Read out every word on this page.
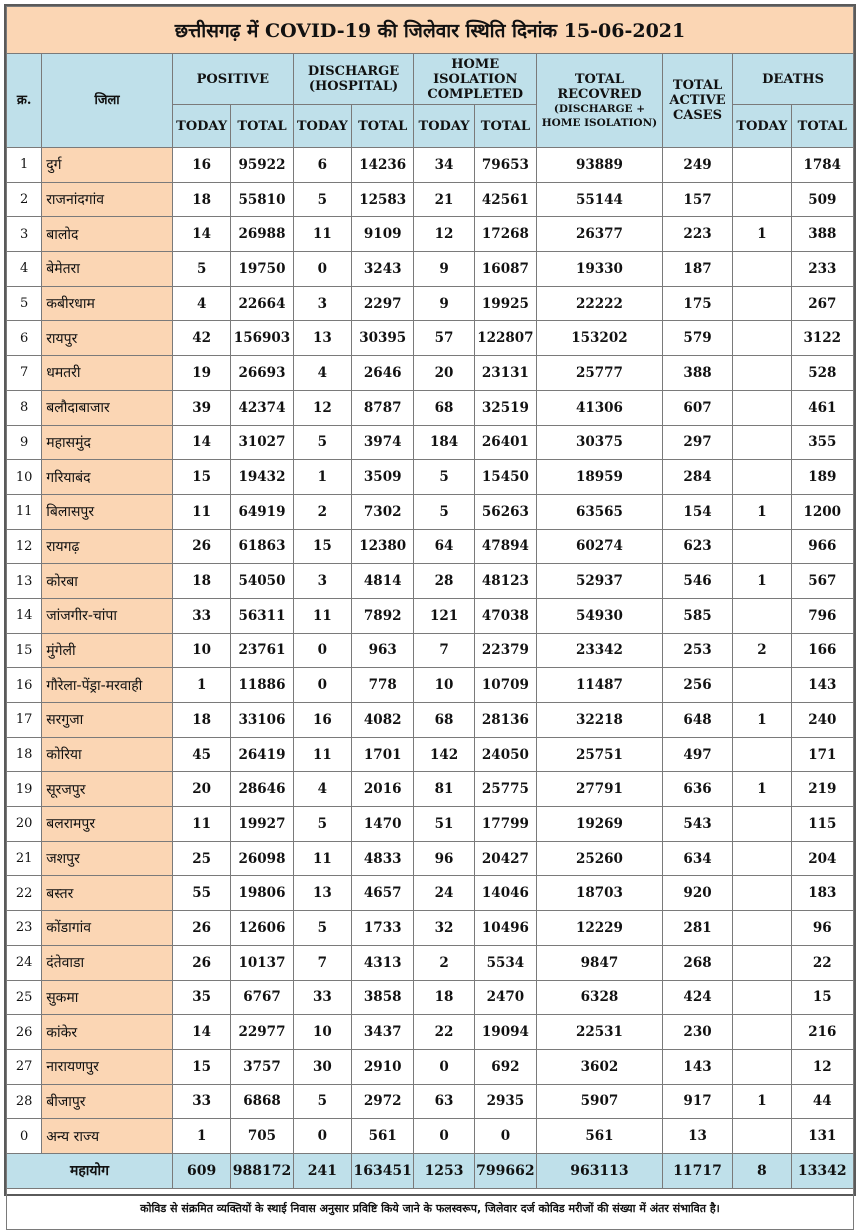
छत्तीसगढ़ में COVID-19 की जिलेवार स्थिति दिनांक 15-06-2021											
क्र.	जिला	POSITIVE		DISCHARGE (HOSPITAL)		HOME ISOLATION COMPLETED		TOTAL RECOVRED
(DISCHARGE + HOME ISOLATION)	TOTAL ACTIVE CASES	DEATHS	
		TODAY	TOTAL	TODAY	TOTAL	TODAY	TOTAL			TODAY	TOTAL
1	दुर्ग	16	95922	6	14236	34	79653	93889	249		1784
2	राजनांदगांव	18	55810	5	12583	21	42561	55144	157		509
3	बालोद	14	26988	11	9109	12	17268	26377	223	1	388
4	बेमेतरा	5	19750	0	3243	9	16087	19330	187		233
5	कबीरधाम	4	22664	3	2297	9	19925	22222	175		267
6	रायपुर	42	156903	13	30395	57	122807	153202	579		3122
7	धमतरी	19	26693	4	2646	20	23131	25777	388		528
8	बलौदाबाजार	39	42374	12	8787	68	32519	41306	607		461
9	महासमुंद	14	31027	5	3974	184	26401	30375	297		355
10	गरियाबंद	15	19432	1	3509	5	15450	18959	284		189
11	बिलासपुर	11	64919	2	7302	5	56263	63565	154	1	1200
12	रायगढ़	26	61863	15	12380	64	47894	60274	623		966
13	कोरबा	18	54050	3	4814	28	48123	52937	546	1	567
14	जांजगीर-चांपा	33	56311	11	7892	121	47038	54930	585		796
15	मुंगेली	10	23761	0	963	7	22379	23342	253	2	166
16	गौरेला-पेंड्रा-मरवाही	1	11886	0	778	10	10709	11487	256		143
17	सरगुजा	18	33106	16	4082	68	28136	32218	648	1	240
18	कोरिया	45	26419	11	1701	142	24050	25751	497		171
19	सूरजपुर	20	28646	4	2016	81	25775	27791	636	1	219
20	बलरामपुर	11	19927	5	1470	51	17799	19269	543		115
21	जशपुर	25	26098	11	4833	96	20427	25260	634		204
22	बस्तर	55	19806	13	4657	24	14046	18703	920		183
23	कोंडागांव	26	12606	5	1733	32	10496	12229	281		96
24	दंतेवाडा	26	10137	7	4313	2	5534	9847	268		22
25	सुकमा	35	6767	33	3858	18	2470	6328	424		15
26	कांकेर	14	22977	10	3437	22	19094	22531	230		216
27	नारायणपुर	15	3757	30	2910	0	692	3602	143		12
28	बीजापुर	33	6868	5	2972	63	2935	5907	917	1	44
0	अन्य राज्य	1	705	0	561	0	0	561	13		131
महायोग		609	988172	241	163451	1253	799662	963113	11717	8	13342
कोविड से संक्रमित व्यक्तियों के स्थाई निवास अनुसार प्रविष्टि किये जाने के फलस्वरूप, जिलेवार दर्ज कोविड मरीजों की संख्या में अंतर संभावित है।											
